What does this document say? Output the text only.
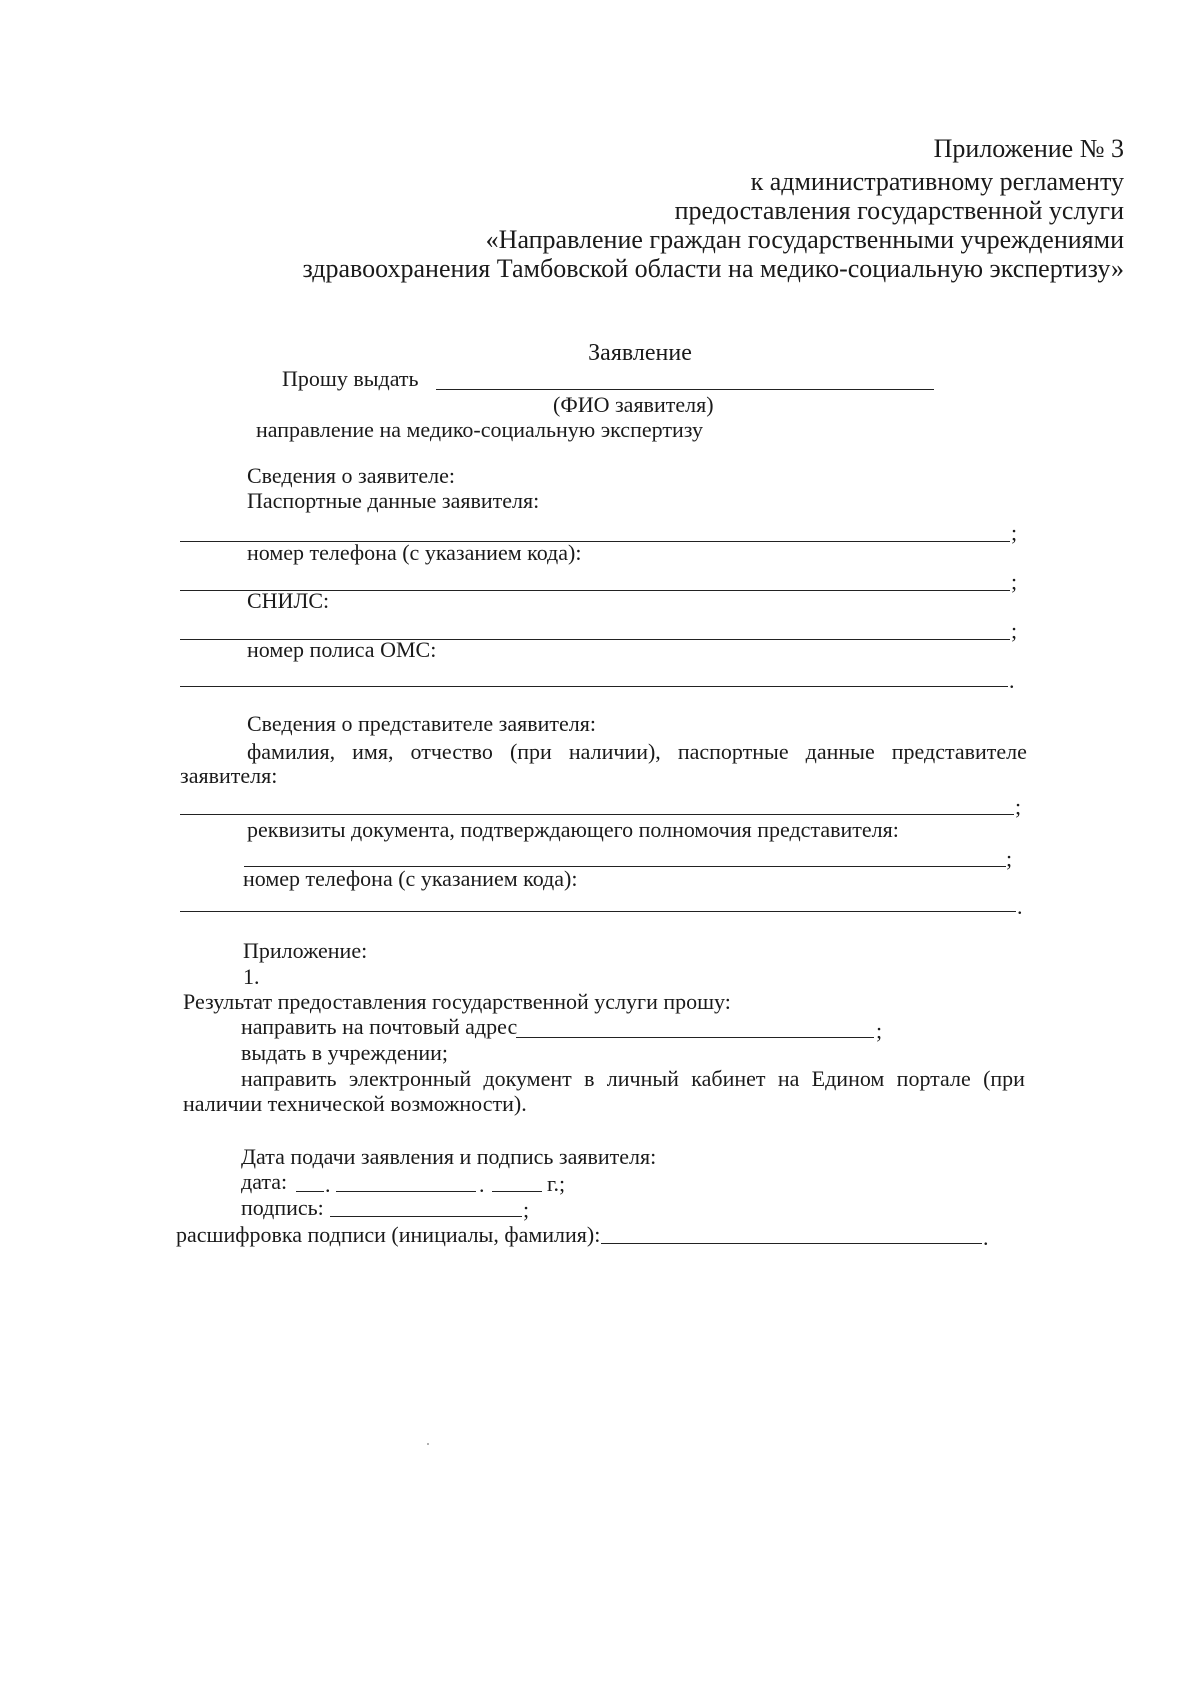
Приложение № 3
к административному регламенту
предоставления государственной услуги
«Направление граждан государственными учреждениями
здравоохранения Тамбовской области на медико-социальную экспертизу»
Заявление
Прошу выдать
(ФИО заявителя)
направление на медико-социальную экспертизу
Сведения о заявителе:
Паспортные данные заявителя:
;
номер телефона (с указанием кода):
;
СНИЛС:
;
номер полиса ОМС:
.
Сведения о представителе заявителя:
фамилия, имя, отчество (при наличии), паспортные данные представителе
заявителя:
;
реквизиты документа, подтверждающего полномочия представителя:
;
номер телефона (с указанием кода):
.
Приложение:
1.
Результат предоставления государственной услуги прошу:
направить на почтовый адрес	;
выдать в учреждении;
направить электронный документ в личный кабинет на Едином портале (при
наличии технической возможности).
Дата подачи заявления и подпись заявителя:
дата: .	.	г.;
подпись:	;
расшифровка подписи (инициалы, фамилия):	.
